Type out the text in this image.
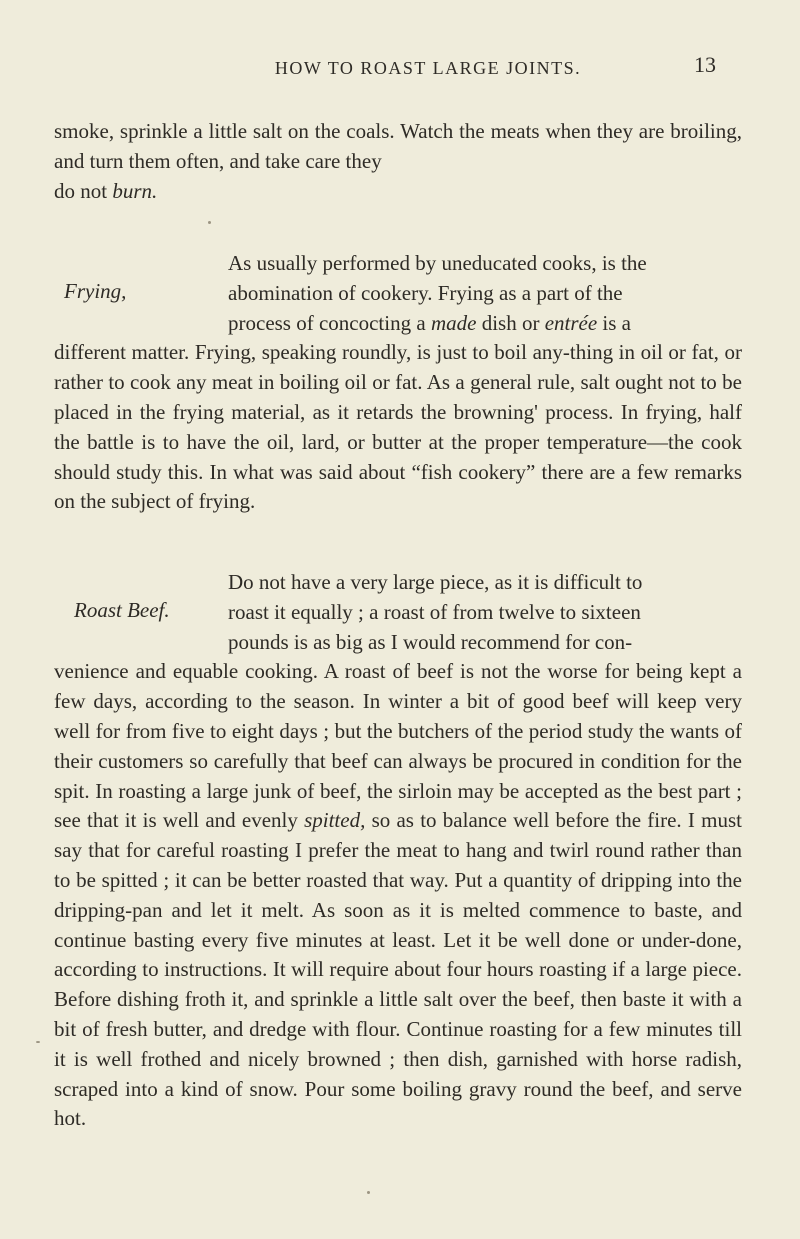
HOW TO ROAST LARGE JOINTS.	13
smoke, sprinkle a little salt on the coals. Watch the meats when they are broiling, and turn them often, and take care they
do not burn.
Frying,
As usually performed by uneducated cooks, is the
abomination of cookery. Frying as a part of the
process of concocting a made dish or entrée is a
different matter. Frying, speaking roundly, is just to boil any-thing in oil or fat, or rather to cook any meat in boiling oil or fat. As a general rule, salt ought not to be placed in the frying material, as it retards the browning' process. In frying, half the battle is to have the oil, lard, or butter at the proper temperature—the cook should study this. In what was said about “fish cookery” there are a few remarks on the subject of frying.
Roast Beef.
Do not have a very large piece, as it is difficult to
roast it equally ; a roast of from twelve to sixteen
pounds is as big as I would recommend for con-
venience and equable cooking. A roast of beef is not the worse for being kept a few days, according to the season. In winter a bit of good beef will keep very well for from five to eight days ; but the butchers of the period study the wants of their customers so carefully that beef can always be procured in condition for the spit. In roasting a large junk of beef, the sirloin may be accepted as the best part ; see that it is well and evenly spitted, so as to balance well before the fire. I must say that for careful roasting I prefer the meat to hang and twirl round rather than to be spitted ; it can be better roasted that way. Put a quantity of dripping into the dripping-pan and let it melt. As soon as it is melted commence to baste, and continue basting every five minutes at least. Let it be well done or under-done, according to instructions. It will require about four hours roasting if a large piece. Before dishing froth it, and sprinkle a little salt over the beef, then baste it with a bit of fresh butter, and dredge with flour. Continue roasting for a few minutes till it is well frothed and nicely browned ; then dish, garnished with horse radish, scraped into a kind of snow. Pour some boiling gravy round the beef, and serve hot.
